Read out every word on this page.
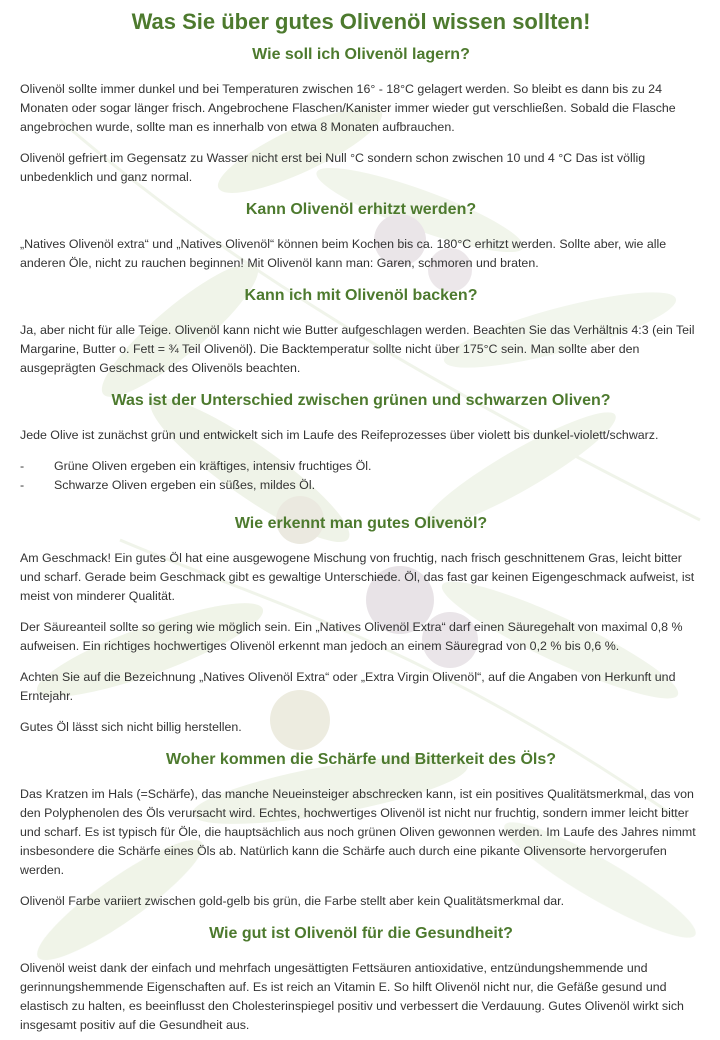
Was Sie über gutes Olivenöl wissen sollten!
Wie soll ich Olivenöl lagern?

Olivenöl sollte immer dunkel und bei Temperaturen zwischen 16° - 18°C gelagert werden. So bleibt es dann bis zu 24 Monaten oder sogar länger frisch. Angebrochene Flaschen/Kanister immer wieder gut verschließen. Sobald die Flasche angebrochen wurde, sollte man es innerhalb von etwa 8 Monaten aufbrauchen.

Olivenöl gefriert im Gegensatz zu Wasser nicht erst bei Null °C sondern schon zwischen 10 und 4 °C Das ist völlig unbedenklich und ganz normal.

Kann Olivenöl erhitzt werden?

„Natives Olivenöl extra“ und „Natives Olivenöl“ können beim Kochen bis ca. 180°C erhitzt werden. Sollte aber, wie alle anderen Öle, nicht zu rauchen beginnen! Mit Olivenöl kann man: Garen, schmoren und braten.

Kann ich mit Olivenöl backen?

Ja, aber nicht für alle Teige. Olivenöl kann nicht wie Butter aufgeschlagen werden. Beachten Sie das Verhältnis 4:3 (ein Teil Margarine, Butter o. Fett = ¾ Teil Olivenöl). Die Backtemperatur sollte nicht über 175°C sein. Man sollte aber den ausgeprägten Geschmack des Olivenöls beachten.

Was ist der Unterschied zwischen grünen und schwarzen Oliven?

Jede Olive ist zunächst grün und entwickelt sich im Laufe des Reifeprozesses über violett bis dunkel-violett/schwarz.

-	Grüne Oliven ergeben ein kräftiges, intensiv fruchtiges Öl.
-	Schwarze Oliven ergeben ein süßes, mildes Öl.
Wie erkennt man gutes Olivenöl?

Am Geschmack! Ein gutes Öl hat eine ausgewogene Mischung von fruchtig, nach frisch geschnittenem Gras, leicht bitter und scharf. Gerade beim Geschmack gibt es gewaltige Unterschiede. Öl, das fast gar keinen Eigengeschmack aufweist, ist meist von minderer Qualität.

Der Säureanteil sollte so gering wie möglich sein. Ein „Natives Olivenöl Extra“ darf einen Säuregehalt von maximal 0,8 % aufweisen. Ein richtiges hochwertiges Olivenöl erkennt man jedoch an einem Säuregrad von 0,2 % bis 0,6 %.

Achten Sie auf die Bezeichnung „Natives Olivenöl Extra“ oder „Extra Virgin Olivenöl“, auf die Angaben von Herkunft und Erntejahr.

Gutes Öl lässt sich nicht billig herstellen.

Woher kommen die Schärfe und Bitterkeit des Öls?

Das Kratzen im Hals (=Schärfe), das manche Neueinsteiger abschrecken kann, ist ein positives Qualitätsmerkmal, das von den Polyphenolen des Öls verursacht wird. Echtes, hochwertiges Olivenöl ist nicht nur fruchtig, sondern immer leicht bitter und scharf. Es ist typisch für Öle, die hauptsächlich aus noch grünen Oliven gewonnen werden. Im Laufe des Jahres nimmt insbesondere die Schärfe eines Öls ab. Natürlich kann die Schärfe auch durch eine pikante Olivensorte hervorgerufen werden.

Olivenöl Farbe variiert zwischen gold-gelb bis grün, die Farbe stellt aber kein Qualitätsmerkmal dar.

Wie gut ist Olivenöl für die Gesundheit?

Olivenöl weist dank der einfach und mehrfach ungesättigten Fettsäuren antioxidative, entzündungshemmende und gerinnungshemmende Eigenschaften auf. Es ist reich an Vitamin E. So hilft Olivenöl nicht nur, die Gefäße gesund und elastisch zu halten, es beeinflusst den Cholesterinspiegel positiv und verbessert die Verdauung. Gutes Olivenöl wirkt sich insgesamt positiv auf die Gesundheit aus.
